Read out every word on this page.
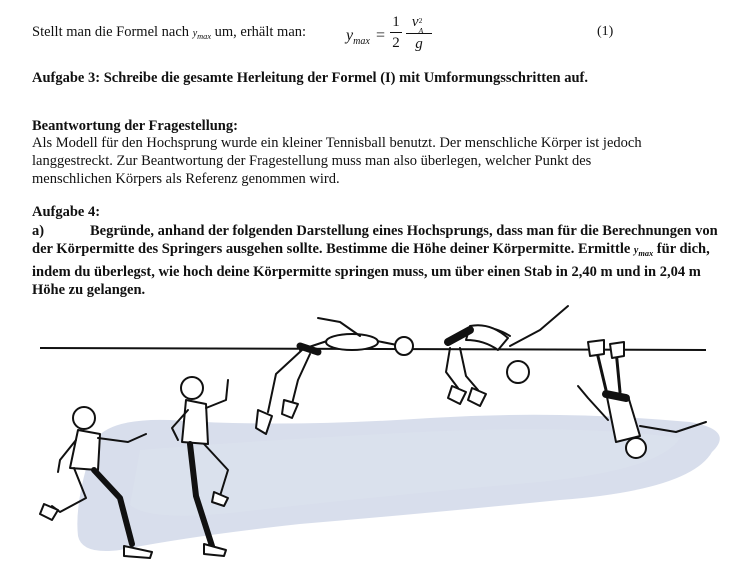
Stellt man die Formel nach $y_{max}$ um, erhält man: $y_{max}$ =
1
2
v 2
A

g
(1)
Aufgabe 3: Schreibe die gesamte Herleitung der Formel (I) mit Umformungsschritten auf.
Beantwortung der Fragestellung:
Als Modell für den Hochsprung wurde ein kleiner Tennisball benutzt. Der menschliche Körper ist jedoch
langgestreckt. Zur Beantwortung der Fragestellung muss man also überlegen, welcher Punkt des
menschlichen Körpers als Referenz genommen wird.
Aufgabe 4:
a)	Begründe, anhand der folgenden Darstellung eines Hochsprungs, dass man für die Berechnungen von der Körpermitte des Springers ausgehen sollte. Bestimme die Höhe deiner Körpermitte. Ermittle $y_{max}$ für dich, indem du überlegst, wie hoch deine Körpermitte springen muss, um über einen Stab in 2,40 m und in 2,04 m Höhe zu gelangen.
